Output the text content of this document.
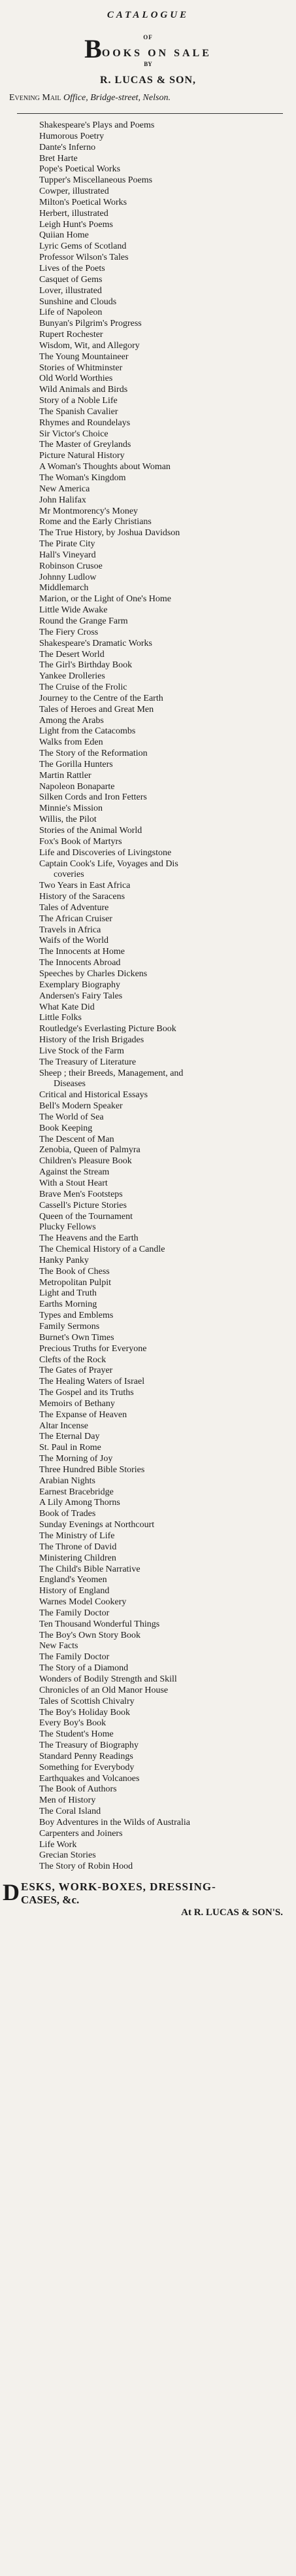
CATALOGUE
OF
BOOKS ON SALE
BY
R. LUCAS & SON,
Evening Mail Office, Bridge-street, Nelson.
Shakespeare's Plays and Poems
Humorous Poetry
Dante's Inferno
Bret Harte
Pope's Poetical Works
Tupper's Miscellaneous Poems
Cowper, illustrated
Milton's Poetical Works
Herbert, illustrated
Leigh Hunt's Poems
Quiian Home
Lyric Gems of Scotland
Professor Wilson's Tales
Lives of the Poets
Casquet of Gems
Lover, illustrated
Sunshine and Clouds
Life of Napoleon
Bunyan's Pilgrim's Progress
Rupert Rochester
Wisdom, Wit, and Allegory
The Young Mountaineer
Stories of Whitminster
Old World Worthies
Wild Animals and Birds
Story of a Noble Life
The Spanish Cavalier
Rhymes and Roundelays
Sir Victor's Choice
The Master of Greylands
Picture Natural History
A Woman's Thoughts about Woman
The Woman's Kingdom
New America
John Halifax
Mr Montmorency's Money
Rome and the Early Christians
The True History, by Joshua Davidson
The Pirate City
Hall's Vineyard
Robinson Crusoe
Johnny Ludlow
Middlemarch
Marion, or the Light of One's Home
Little Wide Awake
Round the Grange Farm
The Fiery Cross
Shakespeare's Dramatic Works
The Desert World
The Girl's Birthday Book
Yankee Drolleries
The Cruise of the Frolic
Journey to the Centre of the Earth
Tales of Heroes and Great Men
Among the Arabs
Light from the Catacombs
Walks from Eden
The Story of the Reformation
The Gorilla Hunters
Martin Rattler
Napoleon Bonaparte
Silken Cords and Iron Fetters
Minnie's Mission
Willis, the Pilot
Stories of the Animal World
Fox's Book of Martyrs
Life and Discoveries of Livingstone
Captain Cook's Life, Voyages and Dis
coveries
Two Years in East Africa
History of the Saracens
Tales of Adventure
The African Cruiser
Travels in Africa
Waifs of the World
The Innocents at Home
The Innocents Abroad
Speeches by Charles Dickens
Exemplary Biography
Andersen's Fairy Tales
What Kate Did
Little Folks
Routledge's Everlasting Picture Book
History of the Irish Brigades
Live Stock of the Farm
The Treasury of Literature
Sheep ; their Breeds, Management, and
Diseases
Critical and Historical Essays
Bell's Modern Speaker
The World of Sea
Book Keeping
The Descent of Man
Zenobia, Queen of Palmyra
Children's Pleasure Book
Against the Stream
With a Stout Heart
Brave Men's Footsteps
Cassell's Picture Stories
Queen of the Tournament
Plucky Fellows
The Heavens and the Earth
The Chemical History of a Candle
Hanky Panky
The Book of Chess
Metropolitan Pulpit
Light and Truth
Earths Morning
Types and Emblems
Family Sermons
Burnet's Own Times
Precious Truths for Everyone
Clefts of the Rock
The Gates of Prayer
The Healing Waters of Israel
The Gospel and its Truths
Memoirs of Bethany
The Expanse of Heaven
Altar Incense
The Eternal Day
St. Paul in Rome
The Morning of Joy
Three Hundred Bible Stories
Arabian Nights
Earnest Bracebridge
A Lily Among Thorns
Book of Trades
Sunday Evenings at Northcourt
The Ministry of Life
The Throne of David
Ministering Children
The Child's Bible Narrative
England's Yeomen
History of England
Warnes Model Cookery
The Family Doctor
Ten Thousand Wonderful Things
The Boy's Own Story Book
New Facts
The Family Doctor
The Story of a Diamond
Wonders of Bodily Strength and Skill
Chronicles of an Old Manor House
Tales of Scottish Chivalry
The Boy's Holiday Book
Every Boy's Book
The Student's Home
The Treasury of Biography
Standard Penny Readings
Something for Everybody
Earthquakes and Volcanoes
The Book of Authors
Men of History
The Coral Island
Boy Adventures in the Wilds of Australia
Carpenters and Joiners
Life Work
Grecian Stories
The Story of Robin Hood
D ESKS, WORK-BOXES, DRESSING-
CASES, &c.
At R. LUCAS & SON'S.
